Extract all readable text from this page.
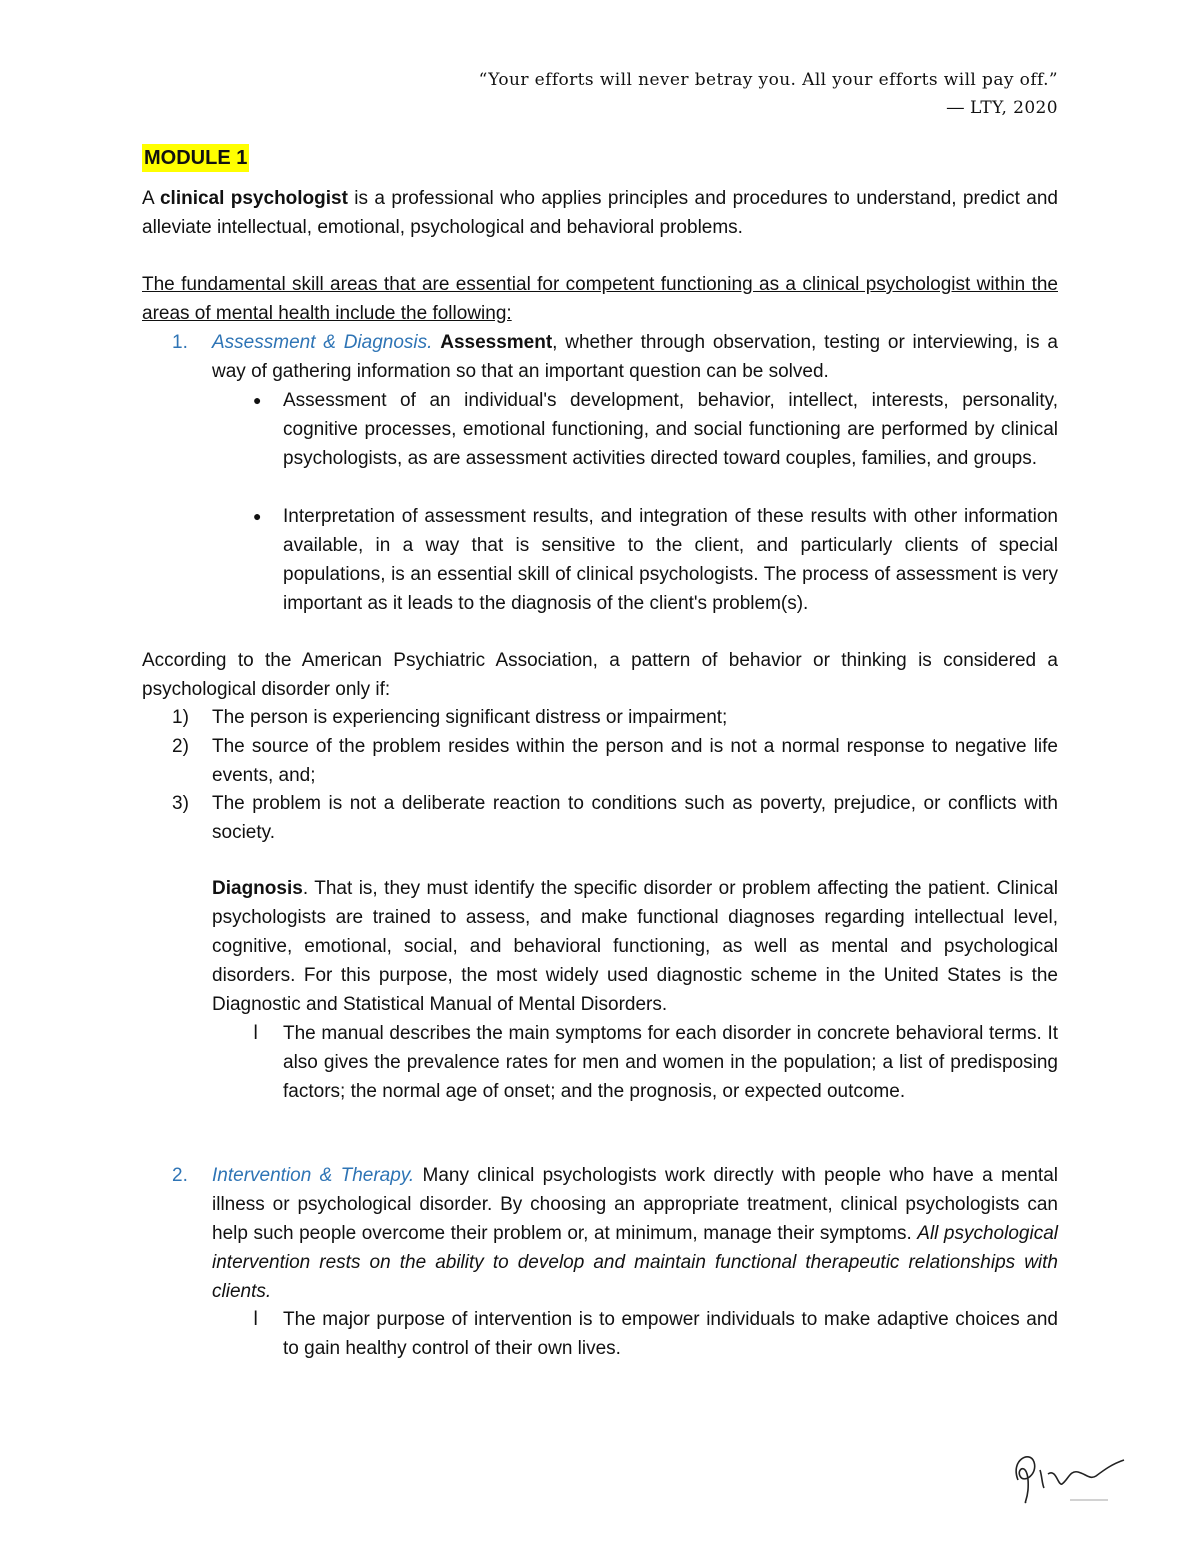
“Your efforts will never betray you. All your efforts will pay off.”
― LTY, 2020
MODULE 1
A clinical psychologist is a professional who applies principles and procedures to understand, predict and alleviate intellectual, emotional, psychological and behavioral problems.
The fundamental skill areas that are essential for competent functioning as a clinical psychologist within the areas of mental health include the following:
1. Assessment & Diagnosis. Assessment, whether through observation, testing or interviewing, is a way of gathering information so that an important question can be solved.
● Assessment of an individual's development, behavior, intellect, interests, personality, cognitive processes, emotional functioning, and social functioning are performed by clinical psychologists, as are assessment activities directed toward couples, families, and groups.
● Interpretation of assessment results, and integration of these results with other information available, in a way that is sensitive to the client, and particularly clients of special populations, is an essential skill of clinical psychologists. The process of assessment is very important as it leads to the diagnosis of the client's problem(s).
According to the American Psychiatric Association, a pattern of behavior or thinking is considered a psychological disorder only if:
1) The person is experiencing significant distress or impairment;
2) The source of the problem resides within the person and is not a normal response to negative life events, and;
3) The problem is not a deliberate reaction to conditions such as poverty, prejudice, or conflicts with society.
Diagnosis. That is, they must identify the specific disorder or problem affecting the patient. Clinical psychologists are trained to assess, and make functional diagnoses regarding intellectual level, cognitive, emotional, social, and behavioral functioning, as well as mental and psychological disorders. For this purpose, the most widely used diagnostic scheme in the United States is the Diagnostic and Statistical Manual of Mental Disorders.
ⅼ The manual describes the main symptoms for each disorder in concrete behavioral terms. It also gives the prevalence rates for men and women in the population; a list of predisposing factors; the normal age of onset; and the prognosis, or expected outcome.
2. Intervention & Therapy. Many clinical psychologists work directly with people who have a mental illness or psychological disorder. By choosing an appropriate treatment, clinical psychologists can help such people overcome their problem or, at minimum, manage their symptoms. All psychological intervention rests on the ability to develop and maintain functional therapeutic relationships with clients.
ⅼ The major purpose of intervention is to empower individuals to make adaptive choices and to gain healthy control of their own lives.
